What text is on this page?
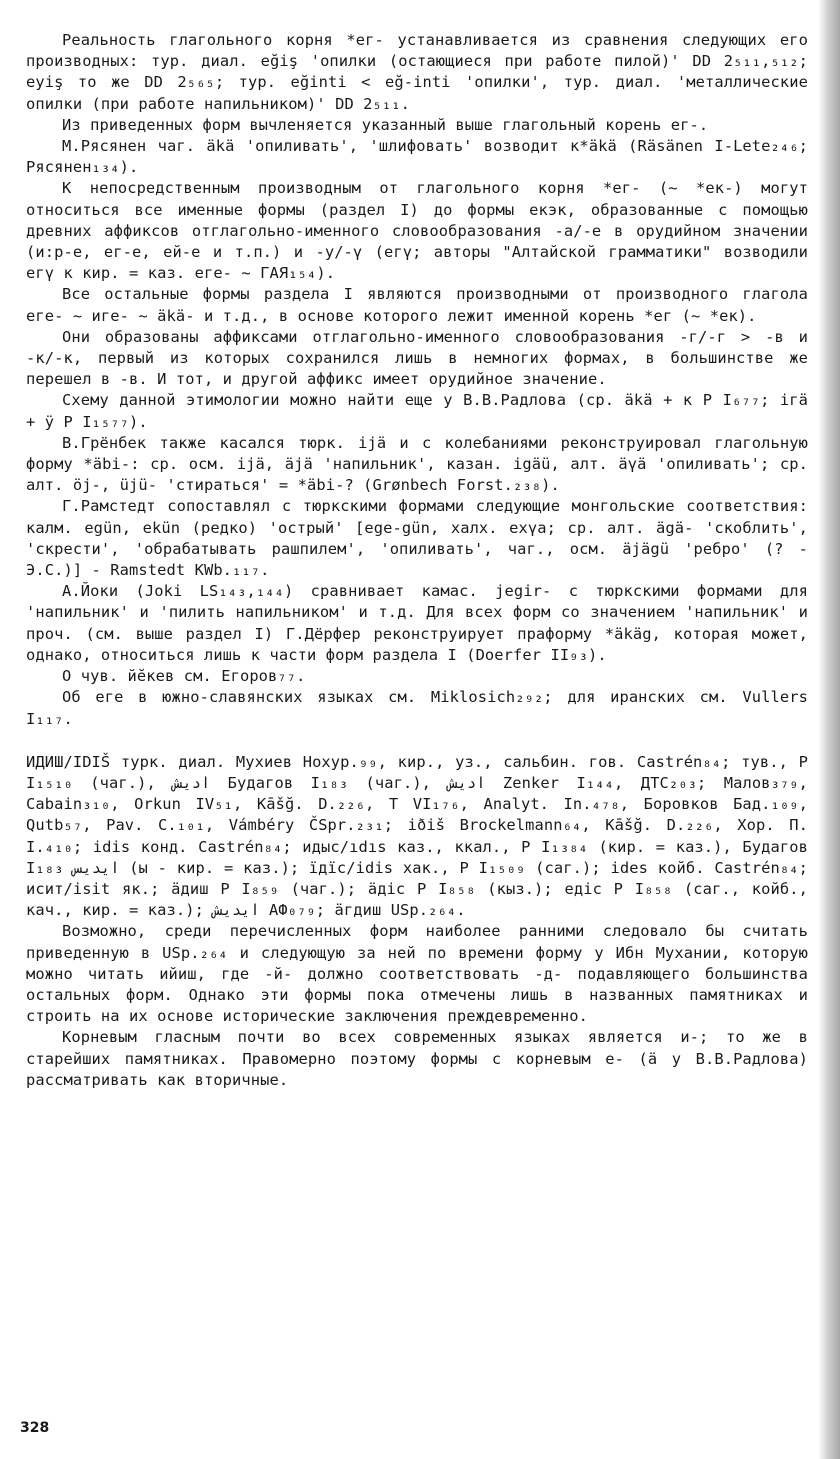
Реальность глагольного корня *ег- устанавливается из сравнения следующих его производных: тур. диал. eğiş 'опилки (остающиеся при работе пилой)' DD 2₅₁₁,₅₁₂; eyiş то же DD 2₅₆₅; тур. eğinti < eğ-inti 'опилки', тур. диал. 'металлические опилки (при работе напильником)' DD 2₅₁₁.

Из приведенных форм вычленяется указанный выше глагольный корень ег-.

М.Рясянен чаг. äkä 'опиливать', 'шлифовать' возводит к*äkä (Räsänen I-Lete₂₄₆; Рясянен₁₃₄).

К непосредственным производным от глагольного корня *ег- (~ *ек-) могут относиться все именные формы (раздел I) до формы екэк, образованные с помощью древних аффиксов отглагольно-именного словообразования -а/-е в орудийном значении (и:р-е, ег-е, ей-е и т.п.) и -у/-ү (егү; авторы "Алтайской грамматики" возводили егү к кир. = каз. еге- ~ ГАЯ₁₅₄).

Все остальные формы раздела I являются производными от производного глагола еге- ~ иге- ~ äkä- и т.д., в основе которого лежит именной корень *ег (~ *ек).

Они образованы аффиксами отглагольно-именного словообразования -г/-г > -в и -к/-к, первый из которых сохранился лишь в немногих формах, в большинстве же перешел в -в. И тот, и другой аффикс имеет орудийное значение.

Схему данной этимологии можно найти еще у В.В.Радлова (ср. äkä + к Р I₆₇₇; iгä + ÿ Р I₁₅₇₇).

В.Грёнбек также касался тюрк. ijä и с колебаниями реконструировал глагольную форму *äbi-: ср. осм. ijä, äjä 'напильник', казан. igäü, алт. äүä 'опиливать'; ср. алт. öj-, üjü- 'стираться' = *äbi-? (Grønbech Forst.₂₃₈).

Г.Рамстедт сопоставлял с тюркскими формами следующие монгольские соответствия: калм. egün, ekün (редко) 'острый' [ege-gün, халх. exүa; ср. алт. ägä- 'скоблить', 'скрести', 'обрабатывать рашпилем', 'опиливать', чаг., осм. äjägü 'ребро' (? - Э.С.)] - Ramstedt KWb.₁₁₇.

А.Йоки (Joki LS₁₄₃,₁₄₄) сравнивает камас. jegir- с тюркскими формами для 'напильник' и 'пилить напильником' и т.д. Для всех форм со значением 'напильник' и проч. (см. выше раздел I) Г.Дёрфер реконструирует праформу *äkäg, которая может, однако, относиться лишь к части форм раздела I (Doerfer II₉₃).

О чув. йĕкев см. Егоров₇₇.

Об еге в южно-славянских языках см. Miklosich₂₉₂; для иранских см. Vullers I₁₁₇.

ИДИШ/IDIŠ турк. диал. Мухиев Нохур.₉₉, кир., уз., сальбин. гов. Castrén₈₄; тув., Р I₁₅₁₀ (чаг.), اديش Будагов I₁₈₃ (чаг.), اديش Zenker I₁₄₄, ДТС₂₀₃; Малов₃₇₉, Cabain₃₁₀, Orkun IV₅₁, Kāšğ. D.₂₂₆, T VI₁₇₆, Analyt. In.₄₇₈, Боровков Бад.₁₀₉, Qutb₅₇, Pav. C.₁₀₁, Vámbéry ČSpr.₂₃₁; iðiš Brockelmann₆₄, Kāšğ. D.₂₂₆, Хор. П. I.₄₁₀; idis конд. Castrén₈₄; идыс/ıdıs каз., ккал., Р I₁₃₈₄ (кир. = каз.), Будагов I₁₈₃ ايديس (ы - кир. = каз.); їдїс/idis хак., Р I₁₅₀₉ (саг.); ides койб. Castrén₈₄; исит/isit як.; ӓдиш Р I₈₅₉ (чаг.); ӓдiс Р I₈₅₈ (кыз.); едiс Р I₈₅₈ (саг., койб., кач., кир. = каз.); ايديش АФ₀₇₉; ӓгдиш USp.₂₆₄.

Возможно, среди перечисленных форм наиболее ранними следовало бы считать приведенную в USp.₂₆₄ и следующую за ней по времени форму у Ибн Мухании, которую можно читать ийиш, где -й- должно соответствовать -д- подавляющего большинства остальных форм. Однако эти формы пока отмечены лишь в названных памятниках и строить на их основе исторические заключения преждевременно.

Корневым гласным почти во всех современных языках является и-; то же в старейших памятниках. Правомерно поэтому формы с корневым е- (ä у В.В.Радлова) рассматривать как вторичные.

328
